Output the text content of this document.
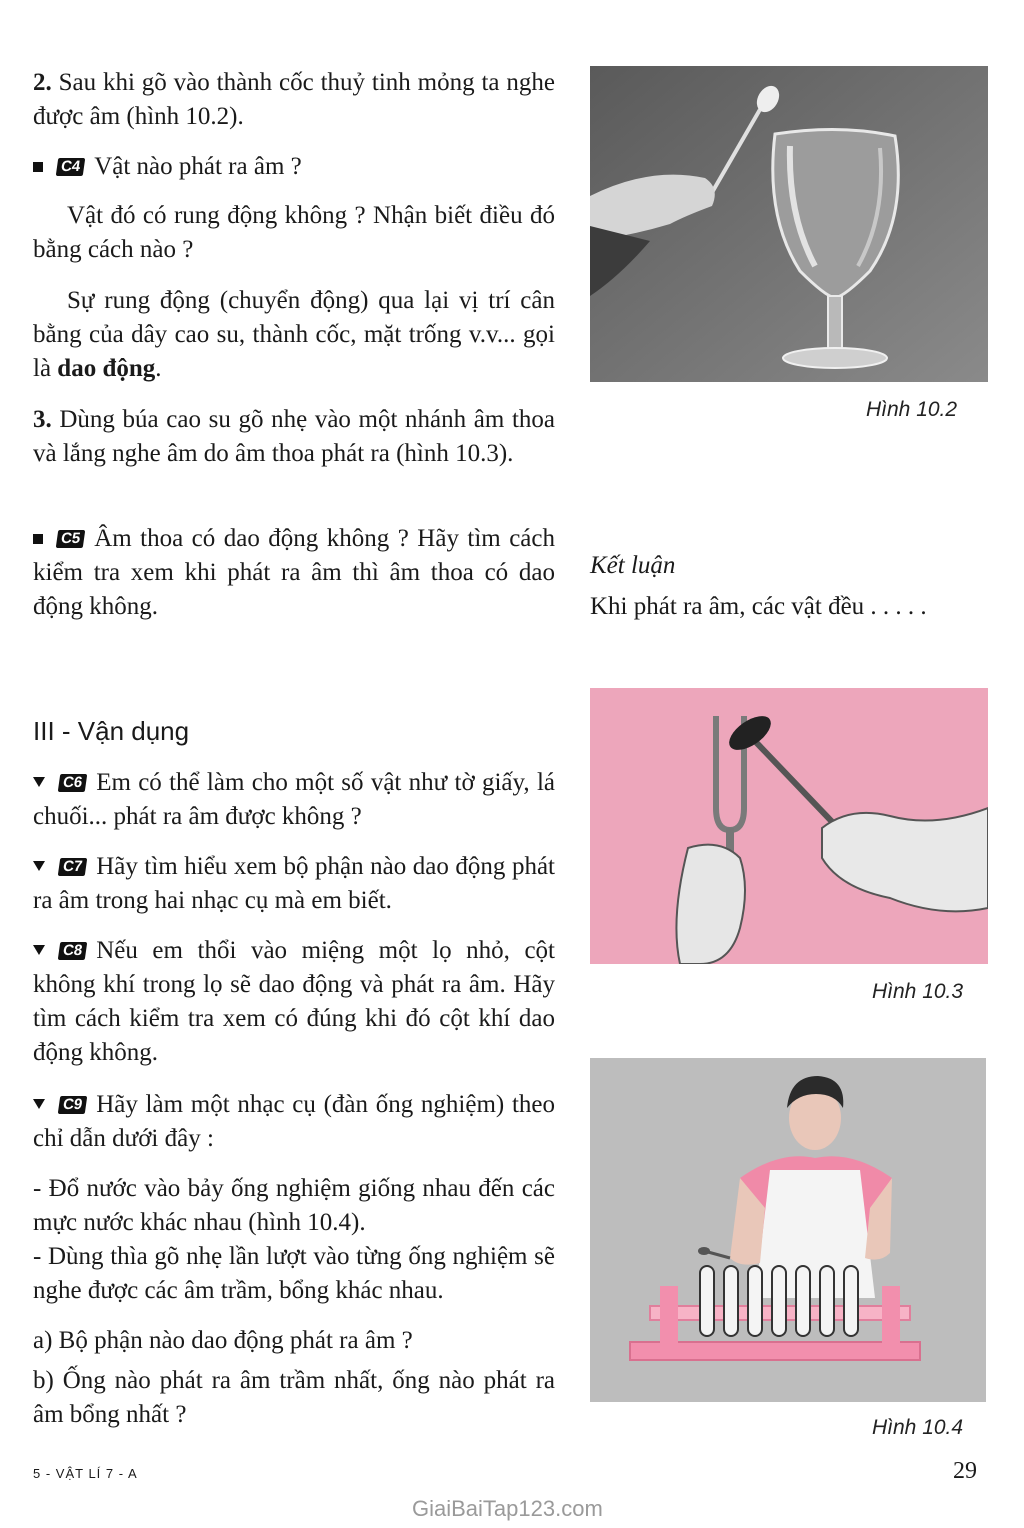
2. Sau khi gõ vào thành cốc thuỷ tinh mỏng ta nghe được âm (hình 10.2).

C4 Vật nào phát ra âm ?

Vật đó có rung động không ? Nhận biết điều đó bằng cách nào ?

Sự rung động (chuyển động) qua lại vị trí cân bằng của dây cao su, thành cốc, mặt trống v.v... gọi là dao động.

3. Dùng búa cao su gõ nhẹ vào một nhánh âm thoa và lắng nghe âm do âm thoa phát ra (hình 10.3).

C5 Âm thoa có dao động không ? Hãy tìm cách kiểm tra xem khi phát ra âm thì âm thoa có dao động không.

Hình 10.2
Kết luận
Khi phát ra âm, các vật đều . . . . .
III - Vận dụng

C6 Em có thể làm cho một số vật như tờ giấy, lá chuối... phát ra âm được không ?

C7 Hãy tìm hiểu xem bộ phận nào dao động phát ra âm trong hai nhạc cụ mà em biết.

C8 Nếu em thổi vào miệng một lọ nhỏ, cột không khí trong lọ sẽ dao động và phát ra âm. Hãy tìm cách kiểm tra xem có đúng khi đó cột khí dao động không.

C9 Hãy làm một nhạc cụ (đàn ống nghiệm) theo chỉ dẫn dưới đây :

- Đổ nước vào bảy ống nghiệm giống nhau đến các mực nước khác nhau (hình 10.4).

- Dùng thìa gõ nhẹ lần lượt vào từng ống nghiệm sẽ nghe được các âm trầm, bổng khác nhau.

a) Bộ phận nào dao động phát ra âm ?

b) Ống nào phát ra âm trầm nhất, ống nào phát ra âm bổng nhất ?

Hình 10.3
Hình 10.4
5 - VẬT LÍ 7 - A	29
GiaiBaiTap123.com
